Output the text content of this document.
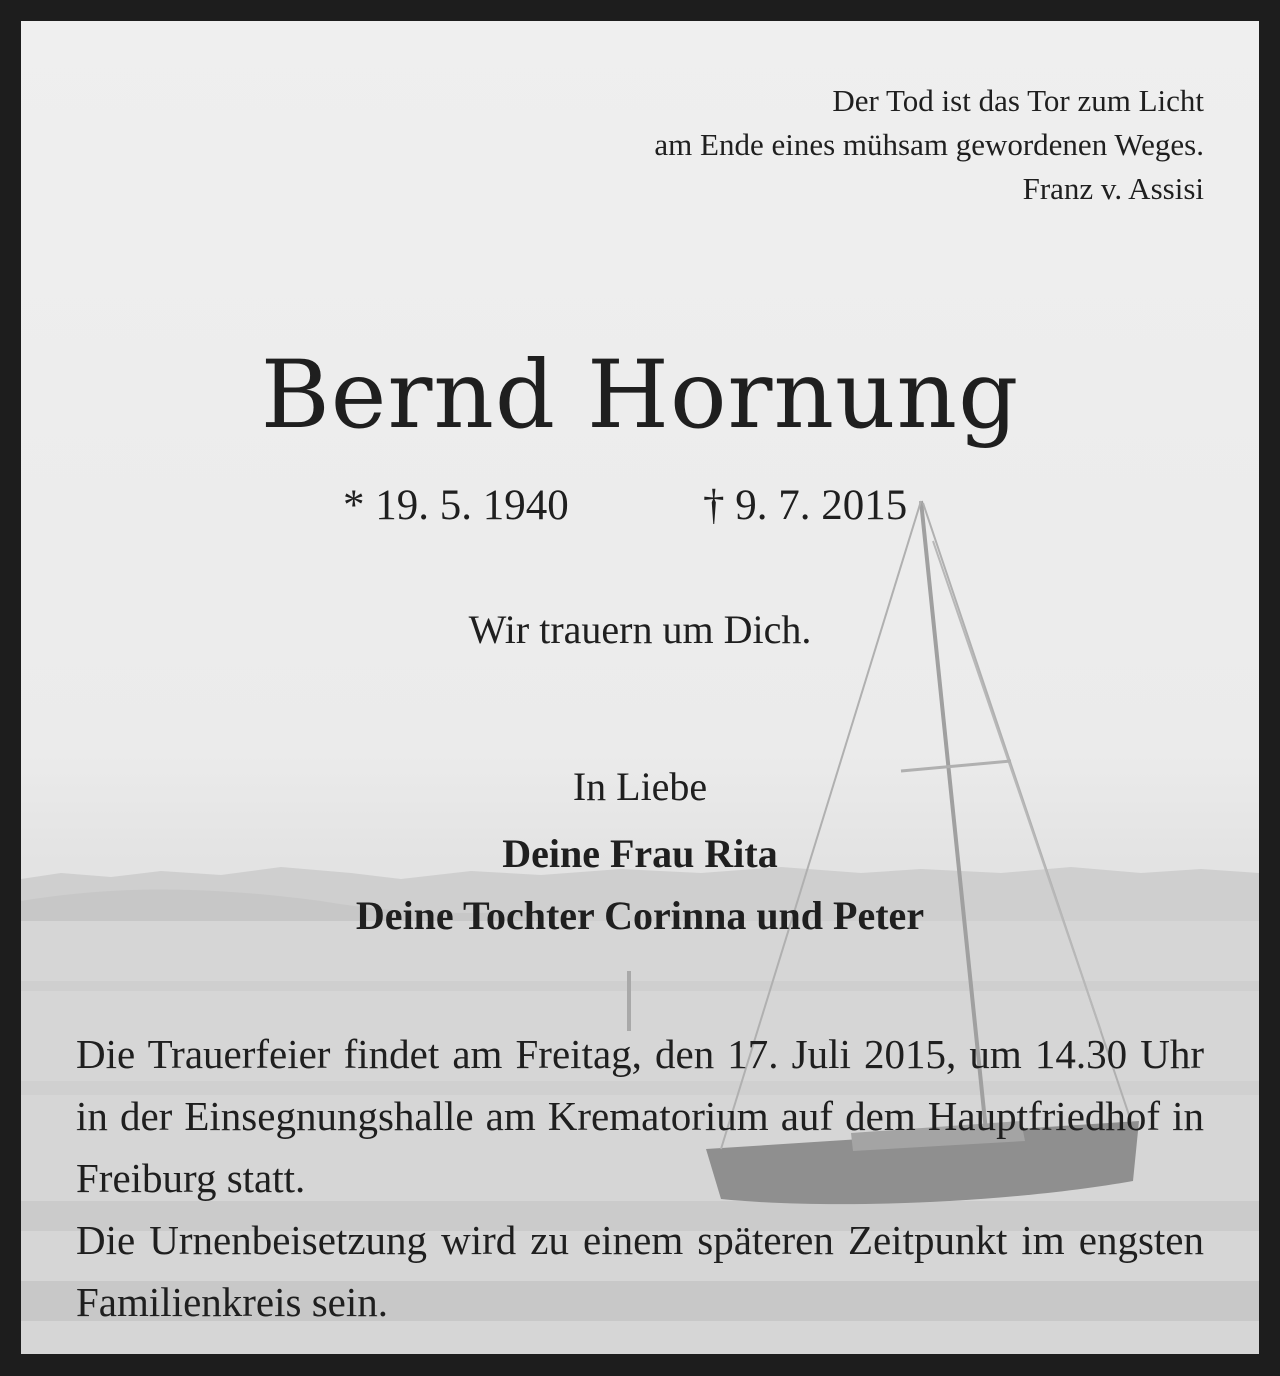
Der Tod ist das Tor zum Licht
am Ende eines mühsam gewordenen Weges.
Franz v. Assisi
Bernd Hornung
* 19. 5. 1940	† 9. 7. 2015
Wir trauern um Dich.
In Liebe
Deine Frau Rita
Deine Tochter Corinna und Peter

Die Trauerfeier findet am Freitag, den 17. Juli 2015, um 14.30 Uhr in der Einsegnungshalle am Krematorium auf dem Hauptfriedhof in Freiburg statt.

Die Urnenbeisetzung wird zu einem späteren Zeitpunkt im engsten Familienkreis sein.
